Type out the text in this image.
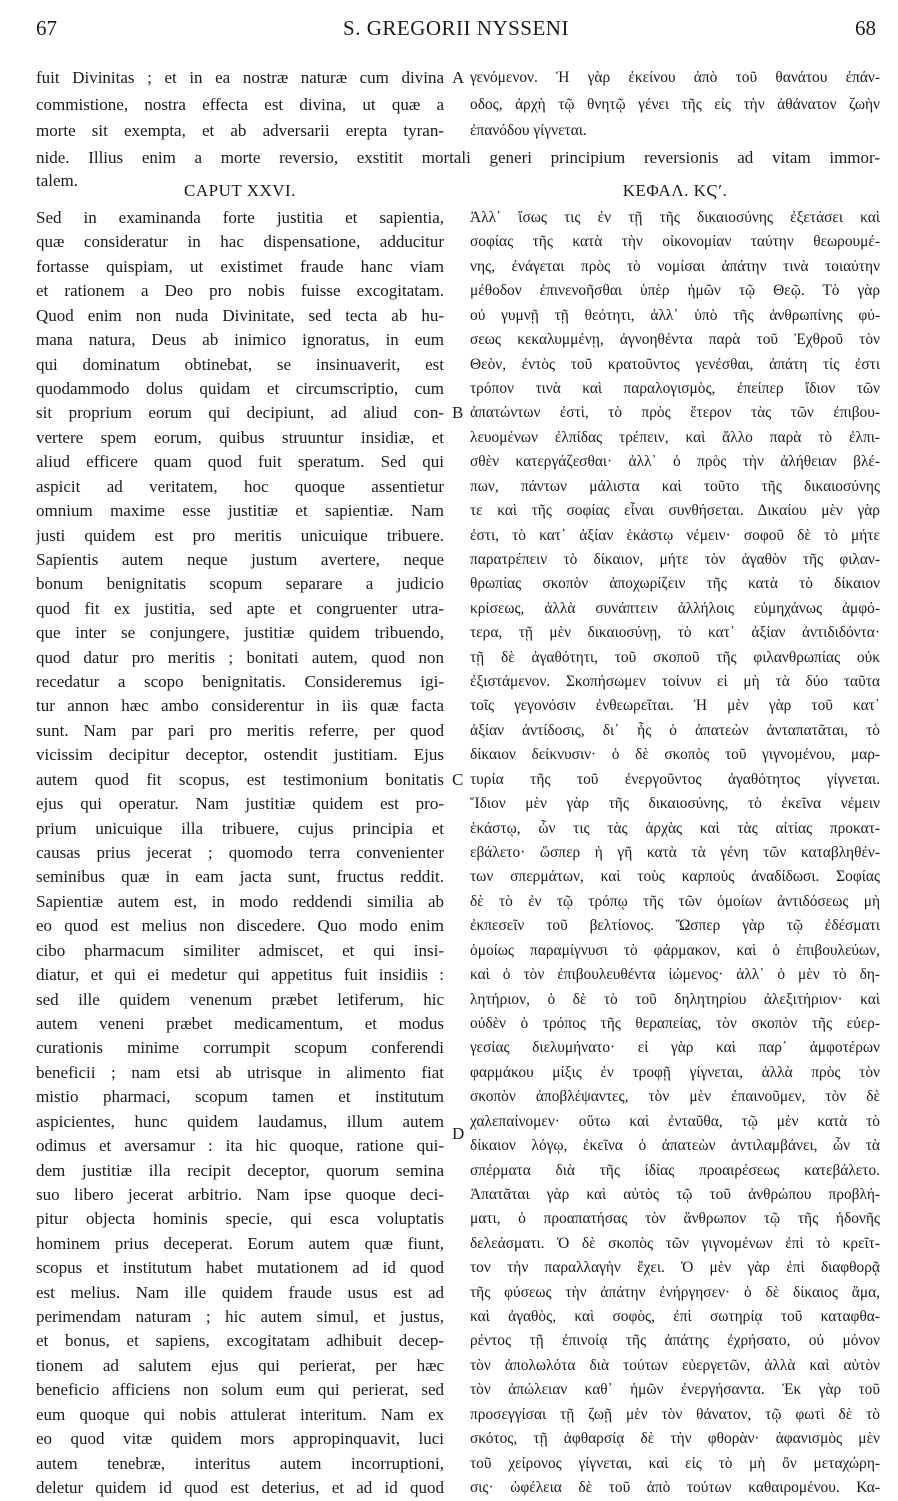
67	S. GREGORII NYSSENI	68
fuit Divinitas ; et in ea nostræ naturæ cum divina
commistione, nostra effecta est divina, ut quæ a
morte sit exempta, et ab adversarii erepta tyran-
γενόμενον. Ἡ γὰρ ἐκείνου ἀπὸ τοῦ θανάτου ἐπάν-
οδος, ἀρχὴ τῷ θνητῷ γένει τῆς εἰς τὴν ἀθάνατον ζωὴν
ἐπανόδου γίγνεται.
nide. Illius enim a morte reversio, exstitit mortali generi principium reversionis ad vitam immor-
talem.
CAPUT XXVI.	ΚΕΦΑΛ. ΚϚʹ.
Sed in examinanda forte justitia et sapientia,
quæ consideratur in hac dispensatione, adducitur
fortasse quispiam, ut existimet fraude hanc viam
et rationem a Deo pro nobis fuisse excogitatam.
Quod enim non nuda Divinitate, sed tecta ab hu-
mana natura, Deus ab inimico ignoratus, in eum
qui dominatum obtinebat, se insinuaverit, est
quodammodo dolus quidam et circumscriptio, cum
sit proprium eorum qui decipiunt, ad aliud con-
vertere spem eorum, quibus struuntur insidiæ, et
aliud efficere quam quod fuit speratum. Sed qui
aspicit ad veritatem, hoc quoque assentietur
omnium maxime esse justitiæ et sapientiæ. Nam
justi quidem est pro meritis unicuique tribuere.
Sapientis autem neque justum avertere, neque
bonum benignitatis scopum separare a judicio
quod fit ex justitia, sed apte et congruenter utra-
que inter se conjungere, justitiæ quidem tribuendo,
quod datur pro meritis ; bonitati autem, quod non
recedatur a scopo benignitatis. Consideremus igi-
tur annon hæc ambo considerentur in iis quæ facta
sunt. Nam par pari pro meritis referre, per quod
vicissim decipitur deceptor, ostendit justitiam. Ejus
autem quod fit scopus, est testimonium bonitatis
ejus qui operatur. Nam justitiæ quidem est pro-
prium unicuique illa tribuere, cujus principia et
causas prius jecerat ; quomodo terra convenienter
seminibus quæ in eam jacta sunt, fructus reddit.
Sapientiæ autem est, in modo reddendi similia ab
eo quod est melius non discedere. Quo modo enim
cibo pharmacum similiter admiscet, et qui insi-
diatur, et qui ei medetur qui appetitus fuit insidiis :
sed ille quidem venenum præbet letiferum, hic
autem veneni præbet medicamentum, et modus
curationis minime corrumpit scopum conferendi
beneficii ; nam etsi ab utrisque in alimento fiat
mistio pharmaci, scopum tamen et institutum
aspicientes, hunc quidem laudamus, illum autem
odimus et aversamur : ita hic quoque, ratione qui-
dem justitiæ illa recipit deceptor, quorum semina
suo libero jecerat arbitrio. Nam ipse quoque deci-
pitur objecta hominis specie, qui esca voluptatis
hominem prius deceperat. Eorum autem quæ fiunt,
scopus et institutum habet mutationem ad id quod
est melius. Nam ille quidem fraude usus est ad
perimendam naturam ; hic autem simul, et justus,
et bonus, et sapiens, excogitatam adhibuit decep-
tionem ad salutem ejus qui perierat, per hæc
beneficio afficiens non solum eum qui perierat, sed
eum quoque qui nobis attulerat interitum. Nam ex
eo quod vitæ quidem mors appropinquavit, luci
autem tenebræ, interitus autem incorruptioni,
deletur quidem id quod est deterius, et ad id quod
Ἀλλ᾽ ἴσως τις ἐν τῇ τῆς δικαιοσύνης ἐξετάσει καὶ
σοφίας τῆς κατὰ τὴν οἰκονομίαν ταύτην θεωρουμέ-
νης, ἐνάγεται πρὸς τὸ νομίσαι ἀπάτην τινὰ τοιαύτην
μέθοδον ἐπινενοῆσθαι ὑπὲρ ἡμῶν τῷ Θεῷ. Τὸ γὰρ
οὐ γυμνῇ τῇ θεότητι, ἀλλ᾽ ὑπὸ τῆς ἀνθρωπίνης φύ-
σεως κεκαλυμμένῃ, ἀγνοηθέντα παρὰ τοῦ Ἐχθροῦ τὸν
Θεὸν, ἐντὸς τοῦ κρατοῦντος γενέσθαι, ἀπάτη τίς ἐστι
τρόπον τινὰ καὶ παραλογισμὸς, ἐπείπερ ἴδιον τῶν
ἀπατώντων ἐστὶ, τὸ πρὸς ἕτερον τὰς τῶν ἐπιβου-
λευομένων ἐλπίδας τρέπειν, καὶ ἄλλο παρὰ τὸ ἐλπι-
σθὲν κατεργάζεσθαι· ἀλλ᾽ ὁ πρὸς τὴν ἀλήθειαν βλέ-
πων, πάντων μάλιστα καὶ τοῦτο τῆς δικαιοσύνης
τε καὶ τῆς σοφίας εἶναι συνθήσεται. Δικαίου μὲν γὰρ
ἐστι, τὸ κατ᾽ ἀξίαν ἑκάστῳ νέμειν· σοφοῦ δὲ τὸ μήτε
παρατρέπειν τὸ δίκαιον, μήτε τὸν ἀγαθὸν τῆς φιλαν-
θρωπίας σκοπὸν ἀποχωρίζειν τῆς κατὰ τὸ δίκαιον
κρίσεως, ἀλλὰ συνάπτειν ἀλλήλοις εὐμηχάνως ἀμφό-
τερα, τῇ μὲν δικαιοσύνῃ, τὸ κατ᾽ ἀξίαν ἀντιδιδόντα·
τῇ δὲ ἀγαθότητι, τοῦ σκοποῦ τῆς φιλανθρωπίας οὐκ
ἐξιστάμενον. Σκοπήσωμεν τοίνυν εἰ μὴ τὰ δύο ταῦτα
τοῖς γεγονόσιν ἐνθεωρεῖται. Ἡ μὲν γὰρ τοῦ κατ᾽
ἀξίαν ἀντίδοσις, δι᾽ ἧς ὁ ἀπατεὼν ἀνταπατᾶται, τὸ
δίκαιον δείκνυσιν· ὁ δὲ σκοπὸς τοῦ γιγνομένου, μαρ-
τυρία τῆς τοῦ ἐνεργοῦντος ἀγαθότητος γίγνεται.
Ἴδιον μὲν γὰρ τῆς δικαιοσύνης, τὸ ἐκεῖνα νέμειν
ἑκάστῳ, ὧν τις τὰς ἀρχὰς καὶ τὰς αἰτίας προκατ-
εβάλετο· ὥσπερ ἡ γῆ κατὰ τὰ γένη τῶν καταβληθέν-
των σπερμάτων, καὶ τοὺς καρποὺς ἀναδίδωσι. Σοφίας
δὲ τὸ ἐν τῷ τρόπῳ τῆς τῶν ὁμοίων ἀντιδόσεως μὴ
ἐκπεσεῖν τοῦ βελτίονος. Ὥσπερ γὰρ τῷ ἐδέσματι
ὁμοίως παραμίγνυσι τὸ φάρμακον, καὶ ὁ ἐπιβουλεύων,
καὶ ὁ τὸν ἐπιβουλευθέντα ἰώμενος· ἀλλ᾽ ὁ μὲν τὸ δη-
λητήριον, ὁ δὲ τὸ τοῦ δηλητηρίου ἀλεξιτήριον· καὶ
οὐδὲν ὁ τρόπος τῆς θεραπείας, τὸν σκοπὸν τῆς εὐερ-
γεσίας διελυμήνατο· εἰ γὰρ καὶ παρ᾽ ἀμφοτέρων
φαρμάκου μίξις ἐν τροφῇ γίγνεται, ἀλλὰ πρὸς τὸν
σκοπὸν ἀποβλέψαντες, τὸν μὲν ἐπαινοῦμεν, τὸν δὲ
χαλεπαίνομεν· οὕτω καὶ ἐνταῦθα, τῷ μὲν κατὰ τὸ
δίκαιον λόγῳ, ἐκεῖνα ὁ ἀπατεὼν ἀντιλαμβάνει, ὧν τὰ
σπέρματα διὰ τῆς ἰδίας προαιρέσεως κατεβάλετο.
Ἀπατᾶται γὰρ καὶ αὐτὸς τῷ τοῦ ἀνθρώπου προβλή-
ματι, ὁ προαπατήσας τὸν ἄνθρωπον τῷ τῆς ἡδονῆς
δελεάσματι. Ὁ δὲ σκοπὸς τῶν γιγνομένων ἐπὶ τὸ κρεῖτ-
τον τὴν παραλλαγὴν ἔχει. Ὁ μὲν γὰρ ἐπὶ διαφθορᾷ
τῆς φύσεως τὴν ἀπάτην ἐνήργησεν· ὁ δὲ δίκαιος ἅμα,
καὶ ἀγαθὸς, καὶ σοφὸς, ἐπὶ σωτηρίᾳ τοῦ καταφθα-
ρέντος τῇ ἐπινοίᾳ τῆς ἀπάτης ἐχρήσατο, οὐ μόνον
τὸν ἀπολωλότα διὰ τούτων εὐεργετῶν, ἀλλὰ καὶ αὐτὸν
τὸν ἀπώλειαν καθ᾽ ἡμῶν ἐνεργήσαντα. Ἐκ γὰρ τοῦ
προσεγγίσαι τῇ ζωῇ μὲν τὸν θάνατον, τῷ φωτὶ δὲ τὸ
σκότος, τῇ ἀφθαρσίᾳ δὲ τὴν φθορὰν· ἀφανισμὸς μὲν
τοῦ χείρονος γίγνεται, καὶ εἰς τὸ μὴ ὂν μεταχώρη-
σις· ὠφέλεια δὲ τοῦ ἀπὸ τούτων καθαιρομένου. Κα-
A
B
C
D
